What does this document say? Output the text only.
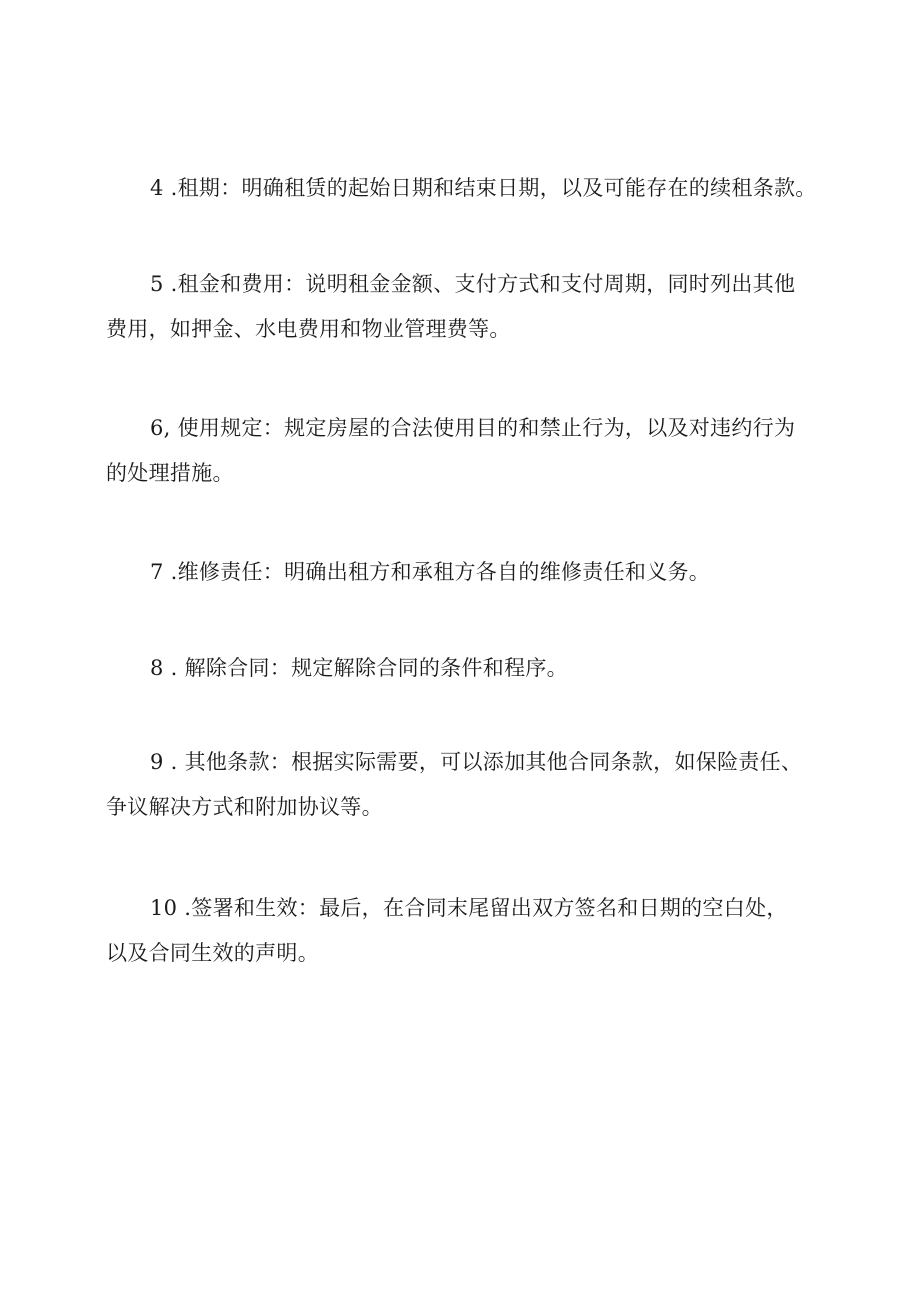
4 .租期：明确租赁的起始日期和结束日期，以及可能存在的续租条款。
5 .租金和费用：说明租金金额、支付方式和支付周期，同时列出其他
费用，如押金、水电费用和物业管理费等。
6, 使用规定：规定房屋的合法使用目的和禁止行为，以及对违约行为
的处理措施。
7 .维修责任：明确出租方和承租方各自的维修责任和义务。
8 . 解除合同：规定解除合同的条件和程序。
9 . 其他条款：根据实际需要，可以添加其他合同条款，如保险责任、
争议解决方式和附加协议等。
10 .签署和生效：最后，在合同末尾留出双方签名和日期的空白处，
以及合同生效的声明。
